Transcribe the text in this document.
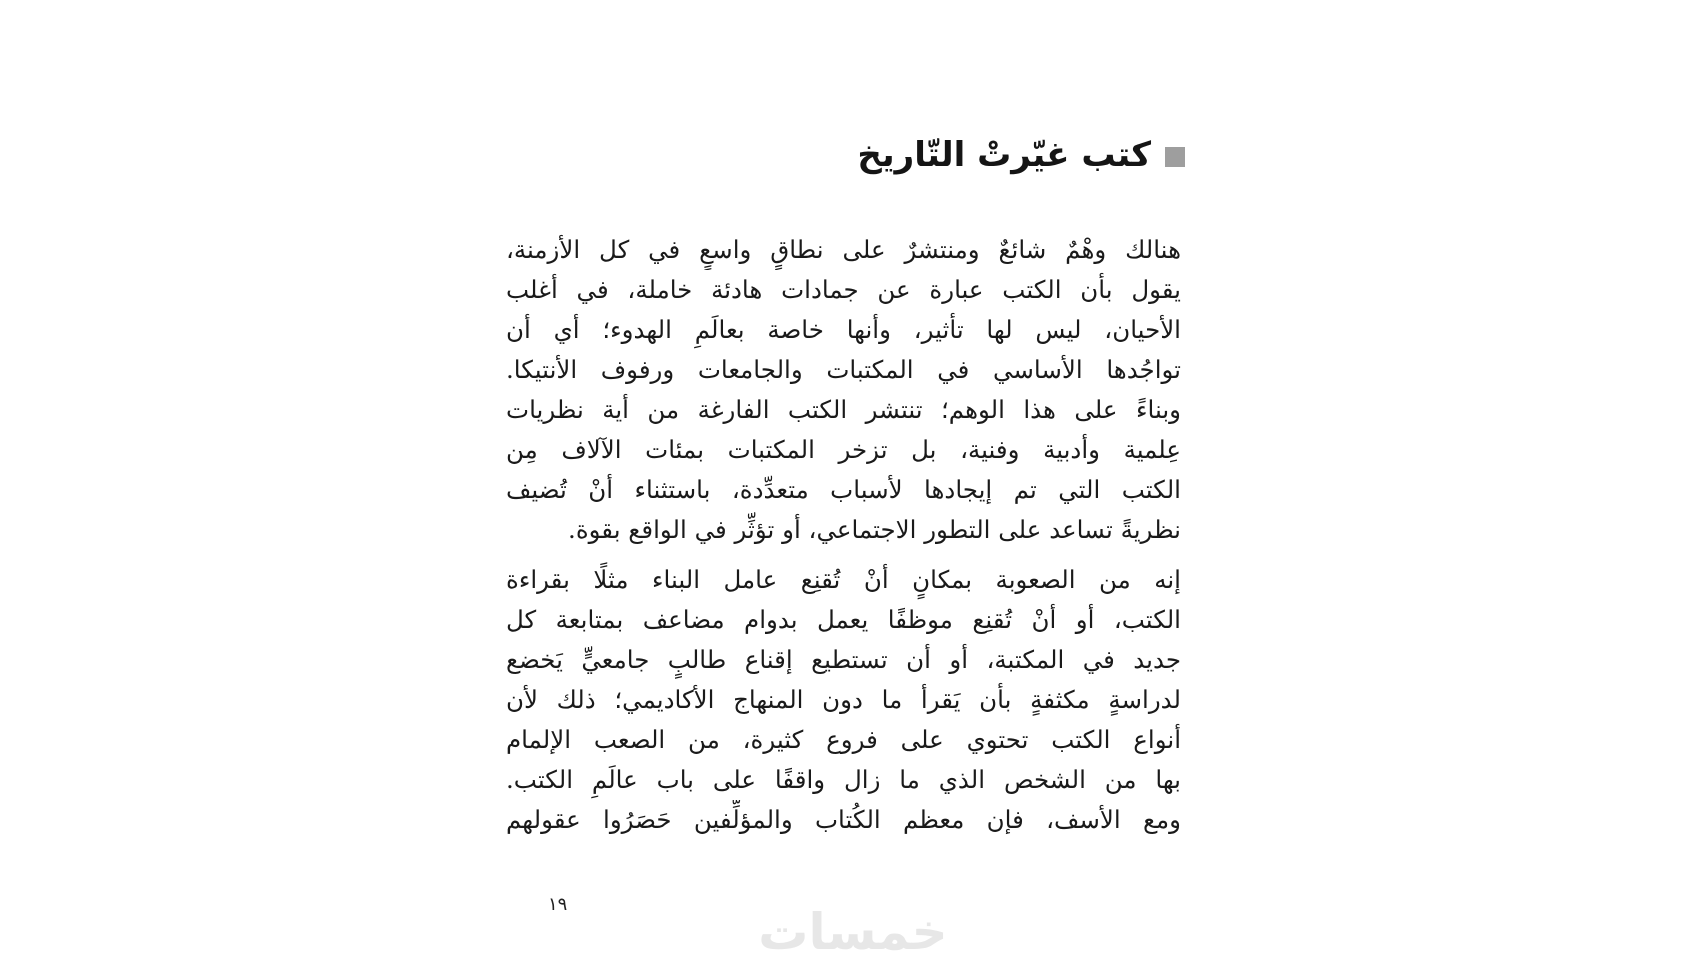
كتب غيّرتْ التّاريخ

هنالك وهْمٌ شائعٌ ومنتشرٌ على نطاقٍ واسعٍ في كل الأزمنة،
يقول بأن الكتب عبارة عن جمادات هادئة خاملة، في أغلب
الأحيان، ليس لها تأثير، وأنها خاصة بعالَمِ الهدوء؛ أي أن
تواجُدها الأساسي في المكتبات والجامعات ورفوف الأنتيكا.
وبناءً على هذا الوهم؛ تنتشر الكتب الفارغة من أية نظريات
عِلمية وأدبية وفنية، بل تزخر المكتبات بمئات الآلاف مِن
الكتب التي تم إيجادها لأسباب متعدِّدة، باستثناء أنْ تُضيف
نظريةً تساعد على التطور الاجتماعي، أو تؤثِّر في الواقع بقوة.

إنه من الصعوبة بمكانٍ أنْ تُقنِع عامل البناء مثلًا بقراءة
الكتب، أو أنْ تُقنِع موظفًا يعمل بدوام مضاعف بمتابعة كل
جديد في المكتبة، أو أن تستطيع إقناع طالبٍ جامعيٍّ يَخضع
لدراسةٍ مكثفةٍ بأن يَقرأ ما دون المنهاج الأكاديمي؛ ذلك لأن
أنواع الكتب تحتوي على فروع كثيرة، من الصعب الإلمام
بها من الشخص الذي ما زال واقفًا على باب عالَمِ الكتب.
ومع الأسف، فإن معظم الكُتاب والمؤلِّفين حَصَرُوا عقولهم

١٩	خمسات
